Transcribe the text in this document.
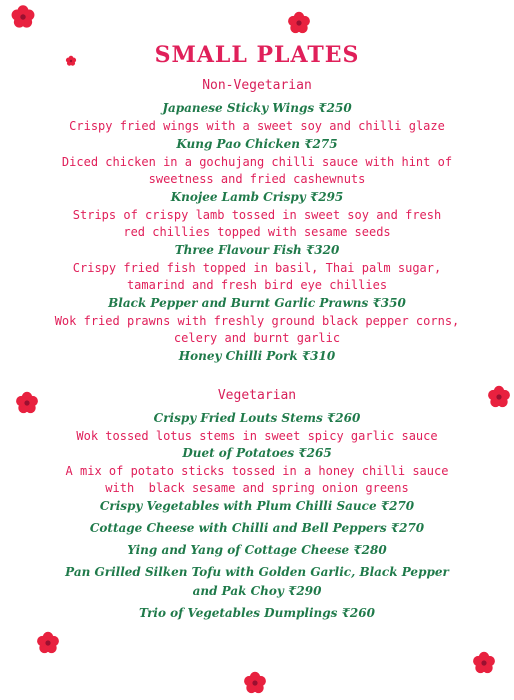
SMALL PLATES
Non-Vegetarian
Japanese Sticky Wings ₹250
Crispy fried wings with a sweet soy and chilli glaze
Kung Pao Chicken ₹275
Diced chicken in a gochujang chilli sauce with hint of
sweetness and fried cashewnuts
Knojee Lamb Crispy ₹295
Strips of crispy lamb tossed in sweet soy and fresh
red chillies topped with sesame seeds
Three Flavour Fish ₹320
Crispy fried fish topped in basil, Thai palm sugar,
tamarind and fresh bird eye chillies
Black Pepper and Burnt Garlic Prawns ₹350
Wok fried prawns with freshly ground black pepper corns,
celery and burnt garlic
Honey Chilli Pork ₹310
Vegetarian
Crispy Fried Louts Stems ₹260
Wok tossed lotus stems in sweet spicy garlic sauce
Duet of Potatoes ₹265
A mix of potato sticks tossed in a honey chilli sauce
with  black sesame and spring onion greens
Crispy Vegetables with Plum Chilli Sauce ₹270
Cottage Cheese with Chilli and Bell Peppers ₹270
Ying and Yang of Cottage Cheese ₹280
Pan Grilled Silken Tofu with Golden Garlic, Black Pepper
and Pak Choy ₹290
Trio of Vegetables Dumplings ₹260
